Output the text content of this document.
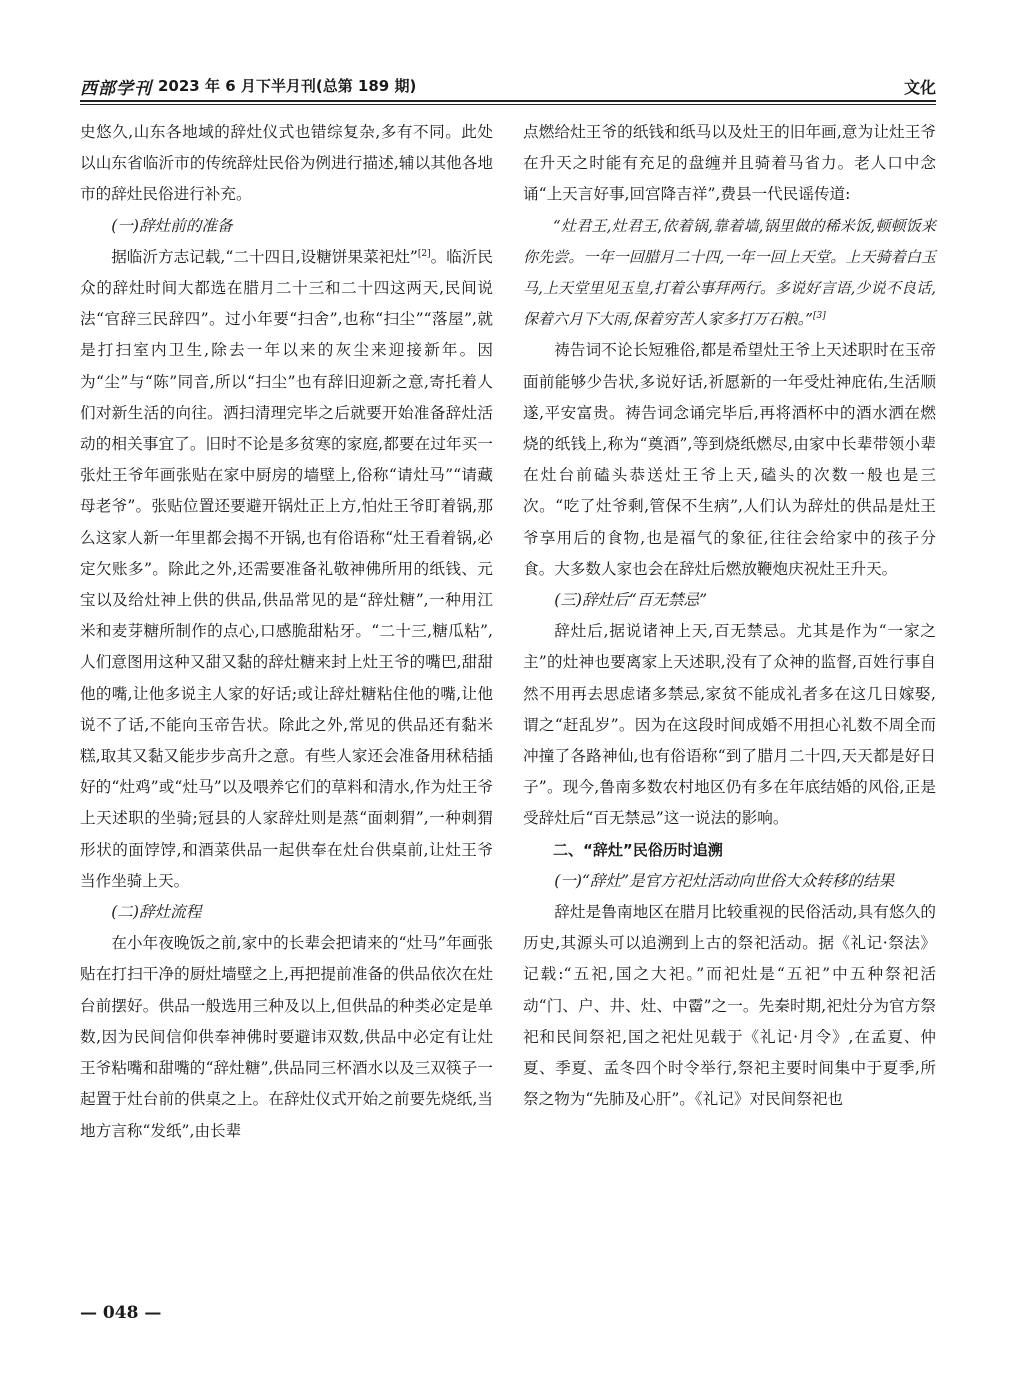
西部学刊 2023 年 6 月下半月刊(总第 189 期)	文化

史悠久,山东各地域的辞灶仪式也错综复杂,多有不同。此处以山东省临沂市的传统辞灶民俗为例进行描述,辅以其他各地市的辞灶民俗进行补充。

(一)辞灶前的准备

据临沂方志记载,“二十四日,设糖饼果菜祀灶”[2]。临沂民众的辞灶时间大都选在腊月二十三和二十四这两天,民间说法“官辞三民辞四”。过小年要“扫舍”,也称“扫尘”“落屋”,就是打扫室内卫生,除去一年以来的灰尘来迎接新年。因为“尘”与“陈”同音,所以“扫尘”也有辞旧迎新之意,寄托着人们对新生活的向往。洒扫清理完毕之后就要开始准备辞灶活动的相关事宜了。旧时不论是多贫寒的家庭,都要在过年买一张灶王爷年画张贴在家中厨房的墙壁上,俗称“请灶马”“请藏母老爷”。张贴位置还要避开锅灶正上方,怕灶王爷盯着锅,那么这家人新一年里都会揭不开锅,也有俗语称“灶王看着锅,必定欠账多”。除此之外,还需要准备礼敬神佛所用的纸钱、元宝以及给灶神上供的供品,供品常见的是“辞灶糖”,一种用江米和麦芽糖所制作的点心,口感脆甜粘牙。“二十三,糖瓜粘”,人们意图用这种又甜又黏的辞灶糖来封上灶王爷的嘴巴,甜甜他的嘴,让他多说主人家的好话;或让辞灶糖粘住他的嘴,让他说不了话,不能向玉帝告状。除此之外,常见的供品还有黏米糕,取其又黏又能步步高升之意。有些人家还会准备用秫秸插好的“灶鸡”或“灶马”以及喂养它们的草料和清水,作为灶王爷上天述职的坐骑;冠县的人家辞灶则是蒸“面刺猬”,一种刺猬形状的面饽饽,和酒菜供品一起供奉在灶台供桌前,让灶王爷当作坐骑上天。

(二)辞灶流程

在小年夜晚饭之前,家中的长辈会把请来的“灶马”年画张贴在打扫干净的厨灶墙壁之上,再把提前准备的供品依次在灶台前摆好。供品一般选用三种及以上,但供品的种类必定是单数,因为民间信仰供奉神佛时要避讳双数,供品中必定有让灶王爷粘嘴和甜嘴的“辞灶糖”,供品同三杯酒水以及三双筷子一起置于灶台前的供桌之上。在辞灶仪式开始之前要先烧纸,当地方言称“发纸”,由长辈

点燃给灶王爷的纸钱和纸马以及灶王的旧年画,意为让灶王爷在升天之时能有充足的盘缠并且骑着马省力。老人口中念诵“上天言好事,回宫降吉祥”,费县一代民谣传道:

“灶君王,灶君王,依着锅,靠着墙,锅里做的稀米饭,顿顿饭来你先尝。一年一回腊月二十四,一年一回上天堂。上天骑着白玉马,上天堂里见玉皇,打着公事拜两行。多说好言语,少说不良话,保着六月下大雨,保着穷苦人家多打万石粮。”[3]

祷告词不论长短雅俗,都是希望灶王爷上天述职时在玉帝面前能够少告状,多说好话,祈愿新的一年受灶神庇佑,生活顺遂,平安富贵。祷告词念诵完毕后,再将酒杯中的酒水洒在燃烧的纸钱上,称为“奠酒”,等到烧纸燃尽,由家中长辈带领小辈在灶台前磕头恭送灶王爷上天,磕头的次数一般也是三次。“吃了灶爷剩,管保不生病”,人们认为辞灶的供品是灶王爷享用后的食物,也是福气的象征,往往会给家中的孩子分食。大多数人家也会在辞灶后燃放鞭炮庆祝灶王升天。

(三)辞灶后“百无禁忌”

辞灶后,据说诸神上天,百无禁忌。尤其是作为“一家之主”的灶神也要离家上天述职,没有了众神的监督,百姓行事自然不用再去思虑诸多禁忌,家贫不能成礼者多在这几日嫁娶,谓之“赶乱岁”。因为在这段时间成婚不用担心礼数不周全而冲撞了各路神仙,也有俗语称“到了腊月二十四,天天都是好日子”。现今,鲁南多数农村地区仍有多在年底结婚的风俗,正是受辞灶后“百无禁忌”这一说法的影响。

二、“辞灶”民俗历时追溯

(一)“辞灶”是官方祀灶活动向世俗大众转移的结果

辞灶是鲁南地区在腊月比较重视的民俗活动,具有悠久的历史,其源头可以追溯到上古的祭祀活动。据《礼记·祭法》记载:“五祀,国之大祀。”而祀灶是“五祀”中五种祭祀活动“门、户、井、灶、中霤”之一。先秦时期,祀灶分为官方祭祀和民间祭祀,国之祀灶见载于《礼记·月令》,在孟夏、仲夏、季夏、孟冬四个时令举行,祭祀主要时间集中于夏季,所祭之物为“先肺及心肝”。《礼记》对民间祭祀也

— 048 —
